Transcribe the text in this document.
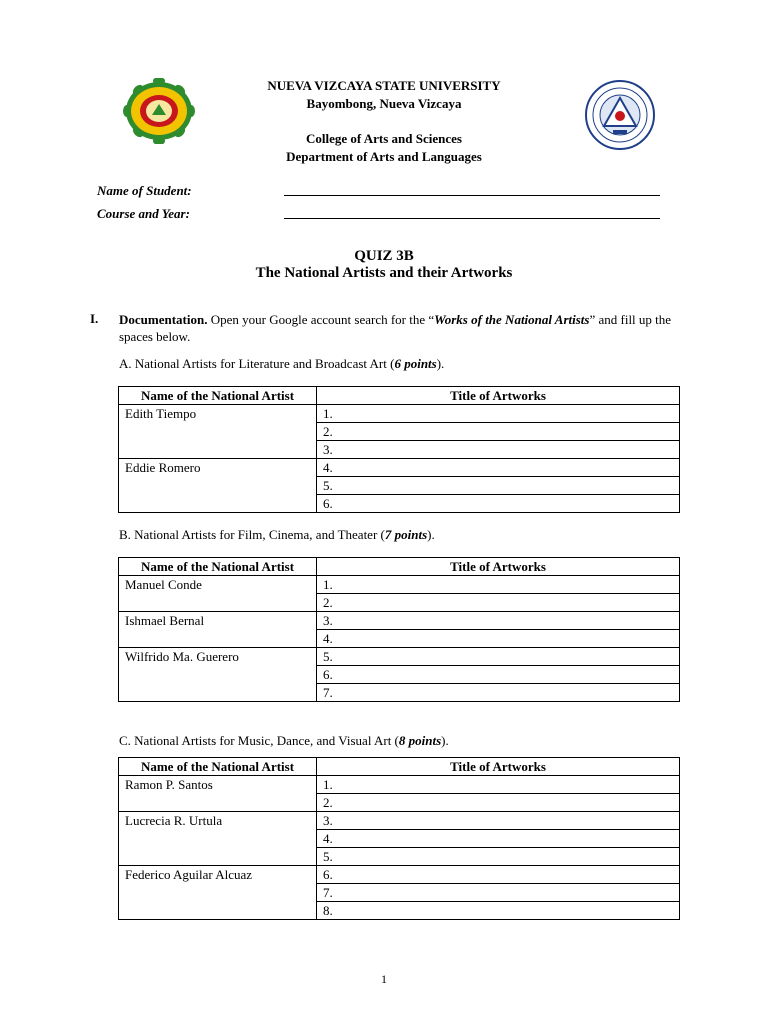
NUEVA VIZCAYA STATE UNIVERSITY
Bayombong, Nueva Vizcaya
College of Arts and Sciences
Department of Arts and Languages
Name of Student:
Course and Year:
QUIZ 3B
The National Artists and their Artworks
I. Documentation. Open your Google account search for the “Works of the National Artists” and fill up the spaces below.
A. National Artists for Literature and Broadcast Art (6 points).
Name of the National Artist	Title of Artworks
Edith Tiempo	1.
	2.
	3.
Eddie Romero	4.
	5.
	6.
B. National Artists for Film, Cinema, and Theater (7 points).
Name of the National Artist	Title of Artworks
Manuel Conde	1.
	2.
Ishmael Bernal	3.
	4.
Wilfrido Ma. Guerero	5.
	6.
	7.
C. National Artists for Music, Dance, and Visual Art (8 points).
Name of the National Artist	Title of Artworks
Ramon P. Santos	1.
	2.
Lucrecia R. Urtula	3.
	4.
	5.
Federico Aguilar Alcuaz	6.
	7.
	8.
1
